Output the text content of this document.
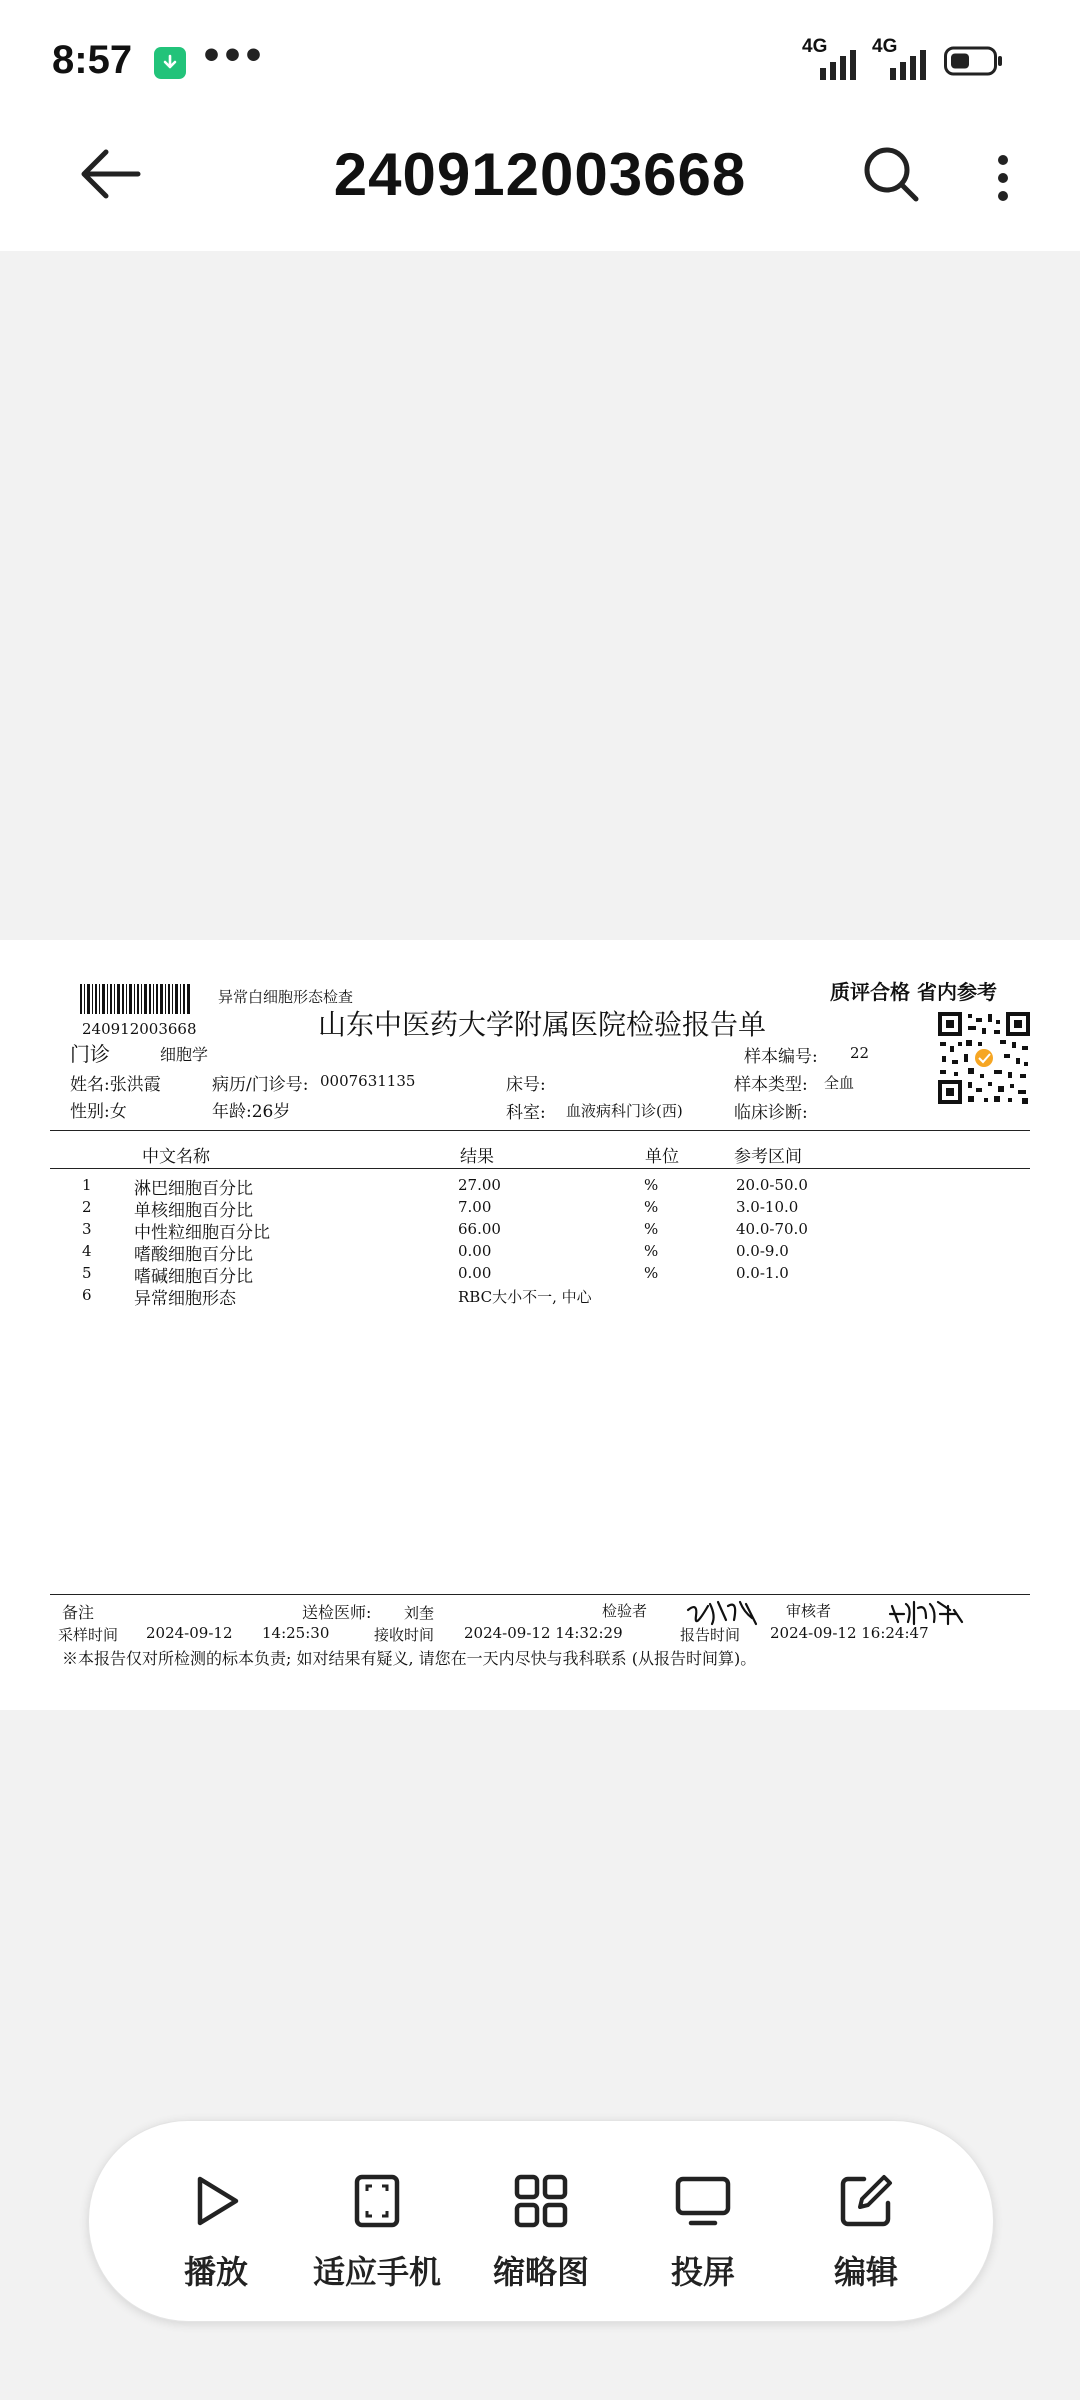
8:57 •••	4G 4G
240912003668
240912003668
异常白细胞形态检查	质评合格 省内参考
山东中医药大学附属医院检验报告单
门诊	细胞学	样本编号: 22
姓名:张洪霞	病历/门诊号: 0007631135	床号:	样本类型: 全血
性别:女	年龄:26岁	科室: 血液病科门诊(西)	临床诊断:
中文名称	结果	单位	参考区间
1 淋巴细胞百分比	27.00	%	20.0-50.0
2 单核细胞百分比	7.00	%	3.0-10.0
3 中性粒细胞百分比	66.00	%	40.0-70.0
4 嗜酸细胞百分比	0.00	%	0.0-9.0
5 嗜碱细胞百分比	0.00	%	0.0-1.0
6 异常细胞形态	RBC大小不一, 中心
备注	送检医师: 刘奎	检验者	审核者
采样时间 2024-09-12 14:25:30	接收时间 2024-09-12 14:32:29	报告时间 2024-09-12 16:24:47
※本报告仅对所检测的标本负责; 如对结果有疑义, 请您在一天内尽快与我科联系 (从报告时间算)。
播放	适应手机	缩略图	投屏	编辑
